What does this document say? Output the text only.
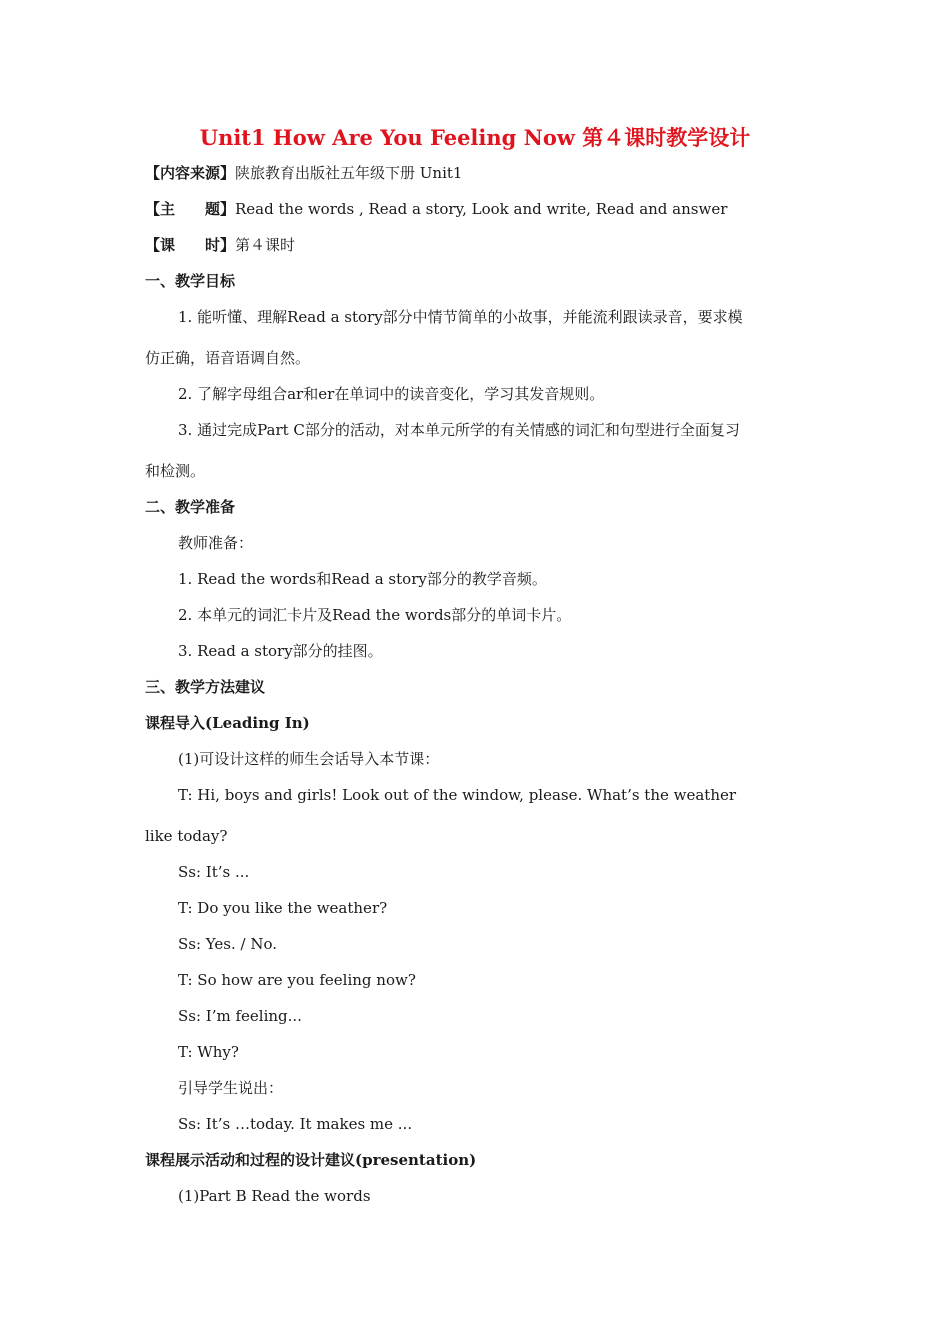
Unit1 How Are You Feeling Now 第４课时教学设计
【内容来源】陕旅教育出版社五年级下册 Unit1
【主　　题】Read the words , Read a story, Look and write, Read and answer
【课　　时】第４课时
一、教学目标
1. 能听懂、理解Read a story部分中情节简单的小故事，并能流利跟读录音，要求模
仿正确，语音语调自然。
2. 了解字母组合ar和er在单词中的读音变化，学习其发音规则。
3. 通过完成Part C部分的活动，对本单元所学的有关情感的词汇和句型进行全面复习
和检测。
二、教学准备
教师准备：
1. Read the words和Read a story部分的教学音频。
2. 本单元的词汇卡片及Read the words部分的单词卡片。
3. Read a story部分的挂图。
三、教学方法建议
课程导入(Leading In)
(1)可设计这样的师生会话导入本节课：
T: Hi, boys and girls! Look out of the window, please. What’s the weather
like today?
Ss: It’s ...
T: Do you like the weather?
Ss: Yes. / No.
T: So how are you feeling now?
Ss: I’m feeling...
T: Why?
引导学生说出：
Ss: It’s …today. It makes me ...
课程展示活动和过程的设计建议(presentation)
(1)Part B Read the words
